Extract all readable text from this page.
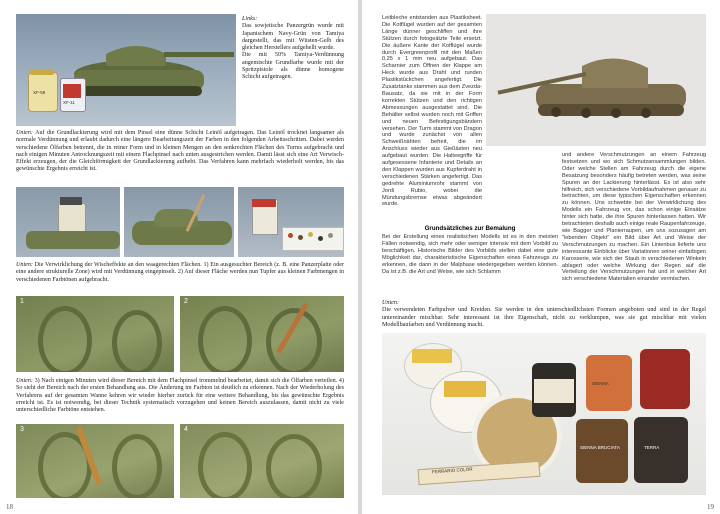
XF-59
XF-11

Links:
Das sowjetische Panzergrün wurde mit Japanischem Navy-Grün von Tamiya dargestellt, das mit Wüsten-Gelb des gleichen Herstellers aufgehellt wurde.
Die mit 50% Tamiya-Verdünnung angemischte Grundfarbe wurde mit der Spritzpistole als dünne homogene Schicht aufgetragen.

Unten: Auf die Grundlackierung wird mit dem Pinsel eine dünne Schicht Leinöl aufgetragen. Das Leinöl trocknet langsamer als normale Verdünnung und erlaubt dadurch eine längere Bearbeitungszeit der Farben in den folgenden Arbeitsschritten. Dabei werden verschiedene Ölfarben betrennt, die in reiner Form und in kleinen Mengen an den senkrechten Flächen des Turms aufgebracht und nach einigen Minuten Antrocknungszeit mit einem Flachpinsel nach unten ausgestrichen werden. Damit lässt sich eine Art Verwisch-Effekt erzeugen, der die Gleichförmigkeit der Grundlackierung aufhebt. Das Verfahren kann mehrfach wiederholt werden, bis das gewünschte Ergebnis erreicht ist.

Unten: Die Verwirklichung der Wischeffekte an den waagerechten Flächen. 1) Ein ausgesuchter Bereich (z. B. eine Panzerplatte oder eine andere strukturelle Zone) wird mit Verdünnung eingepinselt. 2) Auf dieser Fläche werden nun Tupfer aus kleinen Farbmengen in verschiedenen Farbtönen aufgebracht.

1	2

Unten: 3) Nach einigen Minuten wird dieser Bereich mit dem Flachpinsel trommelnd bearbeitet, damit sich die Ölfarben verteilen. 4) So sieht der Bereich nach der ersten Behandlung aus. Die Änderung im Farbton ist deutlich zu erkennen. Nach der Wiederholung des Verfahrens auf der gesamten Wanne kehren wir wieder hierher zurück für eine weitere Behandlung, bis das gewünschte Ergebnis erreicht ist. Es ist notwendig, bei dieser Technik systematisch vorzugehen und keinen Bereich auszulassen, damit nicht zu viele unterschiedliche Farbtöne entstehen.

3	4
18

Leitbleche entstanden aus Plastiksheet. Die Kotflügel wurden auf der gesamten Länge dünner geschliffen und ihre Stützen durch fotogeätzte Teile ersetzt. Die äußere Kante der Kotflügel wurde durch Evergreenprofil mit den Maßen 0,25 x 1 mm neu aufgebaut. Das Scharnier zum Öffnen der Klappe am Heck wurde aus Draht und runden Plastikstückchen angefertigt. Die Zusatztanks stammen aus dem Zvezda-Bausatz, da sie mit in der Form korrekten Stützen und den richtigen Abmessungen ausgestattet sind. Die Behälter selbst wurden noch mit Griffen und neuen Befestigungsbändern versehen. Der Turm stammt von Dragon und wurde zunächst von allen Schweißnähten befreit, die im Anschluss wieder aus Gießästen neu aufgebaut wurden. Die Halteegriffe für aufgesessene Infanterie und Details an den Klappen wurden aus Kupferdraht in verschiedenen Stärken angefertigt. Das gedrehte Aluminiumrohr stammt von Jordi Rubio, wobei die Mündungsbremse etwas abgeändert wurde.

Grundsätzliches zur Bemalung

Bei der Erstellung eines realistischen Modells ist es in den meisten Fällen notwendig, sich mehr oder weniger intensiv mit dem Vorbild zu beschäftigen. Historische Bilder des Vorbilds stellen dabei eine gute Möglichkeit dar, charakteristische Eigenschaften eines Fahrzeugs zu erkennen, die dann in der Malphase wiedergegeben werden können. Da ist z.B. die Art und Weise, wie sich Schlamm

und andere Verschmutzungen an einem Fahrzeug festsetzen und wo sich Schmutzansammlungen bilden. Oder welche Stellen am Fahrzeug durch die eigene Besatzung besonders häufig betreten werden, was seine Spuren an der Lackierung hinterlässt. Es ist also sehr hilfreich, sich verschiedene Vorbildaufnahmen genauer zu betrachten, um diese typischen Eigenschaften erkennen zu können. Uns schwebte bei der Verwirklichung des Modells ein Fahrzeug vor, das schon einige Einsätze hinter sich hatte, die ihre Spuren hinterlassen hatten. Wir betrachteten deshalb auch einige reale Raupenfahrzeuge, wie Bagger und Planierraupen, um uns sozusagen am "lebenden Objekt" ein Bild über Art und Weise der Verschmutzungen zu machen. Ein Linienbus lieferte uns interessante Einblicke über Variationen seiner einfarbigen Karosserie, wie sich der Staub in verschiedenen Winkeln ablagert oder welche Wirkung der Regen auf die Verteilung der Verschmutzungen hat und in welcher Art sich verschiedene Materialien einander vermischen.

Unten:
Die verwendeten Farbpulver und Kreiden. Sie werden in den unterschiedlichsten Formen angeboten und sind in der Regel untereinander mischbar. Sehr interessant ist ihre Eigenschaft, nicht zu verklumpen, was sie gut mischbar mit vielen Modellbaufarben und Verdünnung macht.

SIENNA
SIENNA BRUCIATA	TERRA
FERRARIO COLOR
19
